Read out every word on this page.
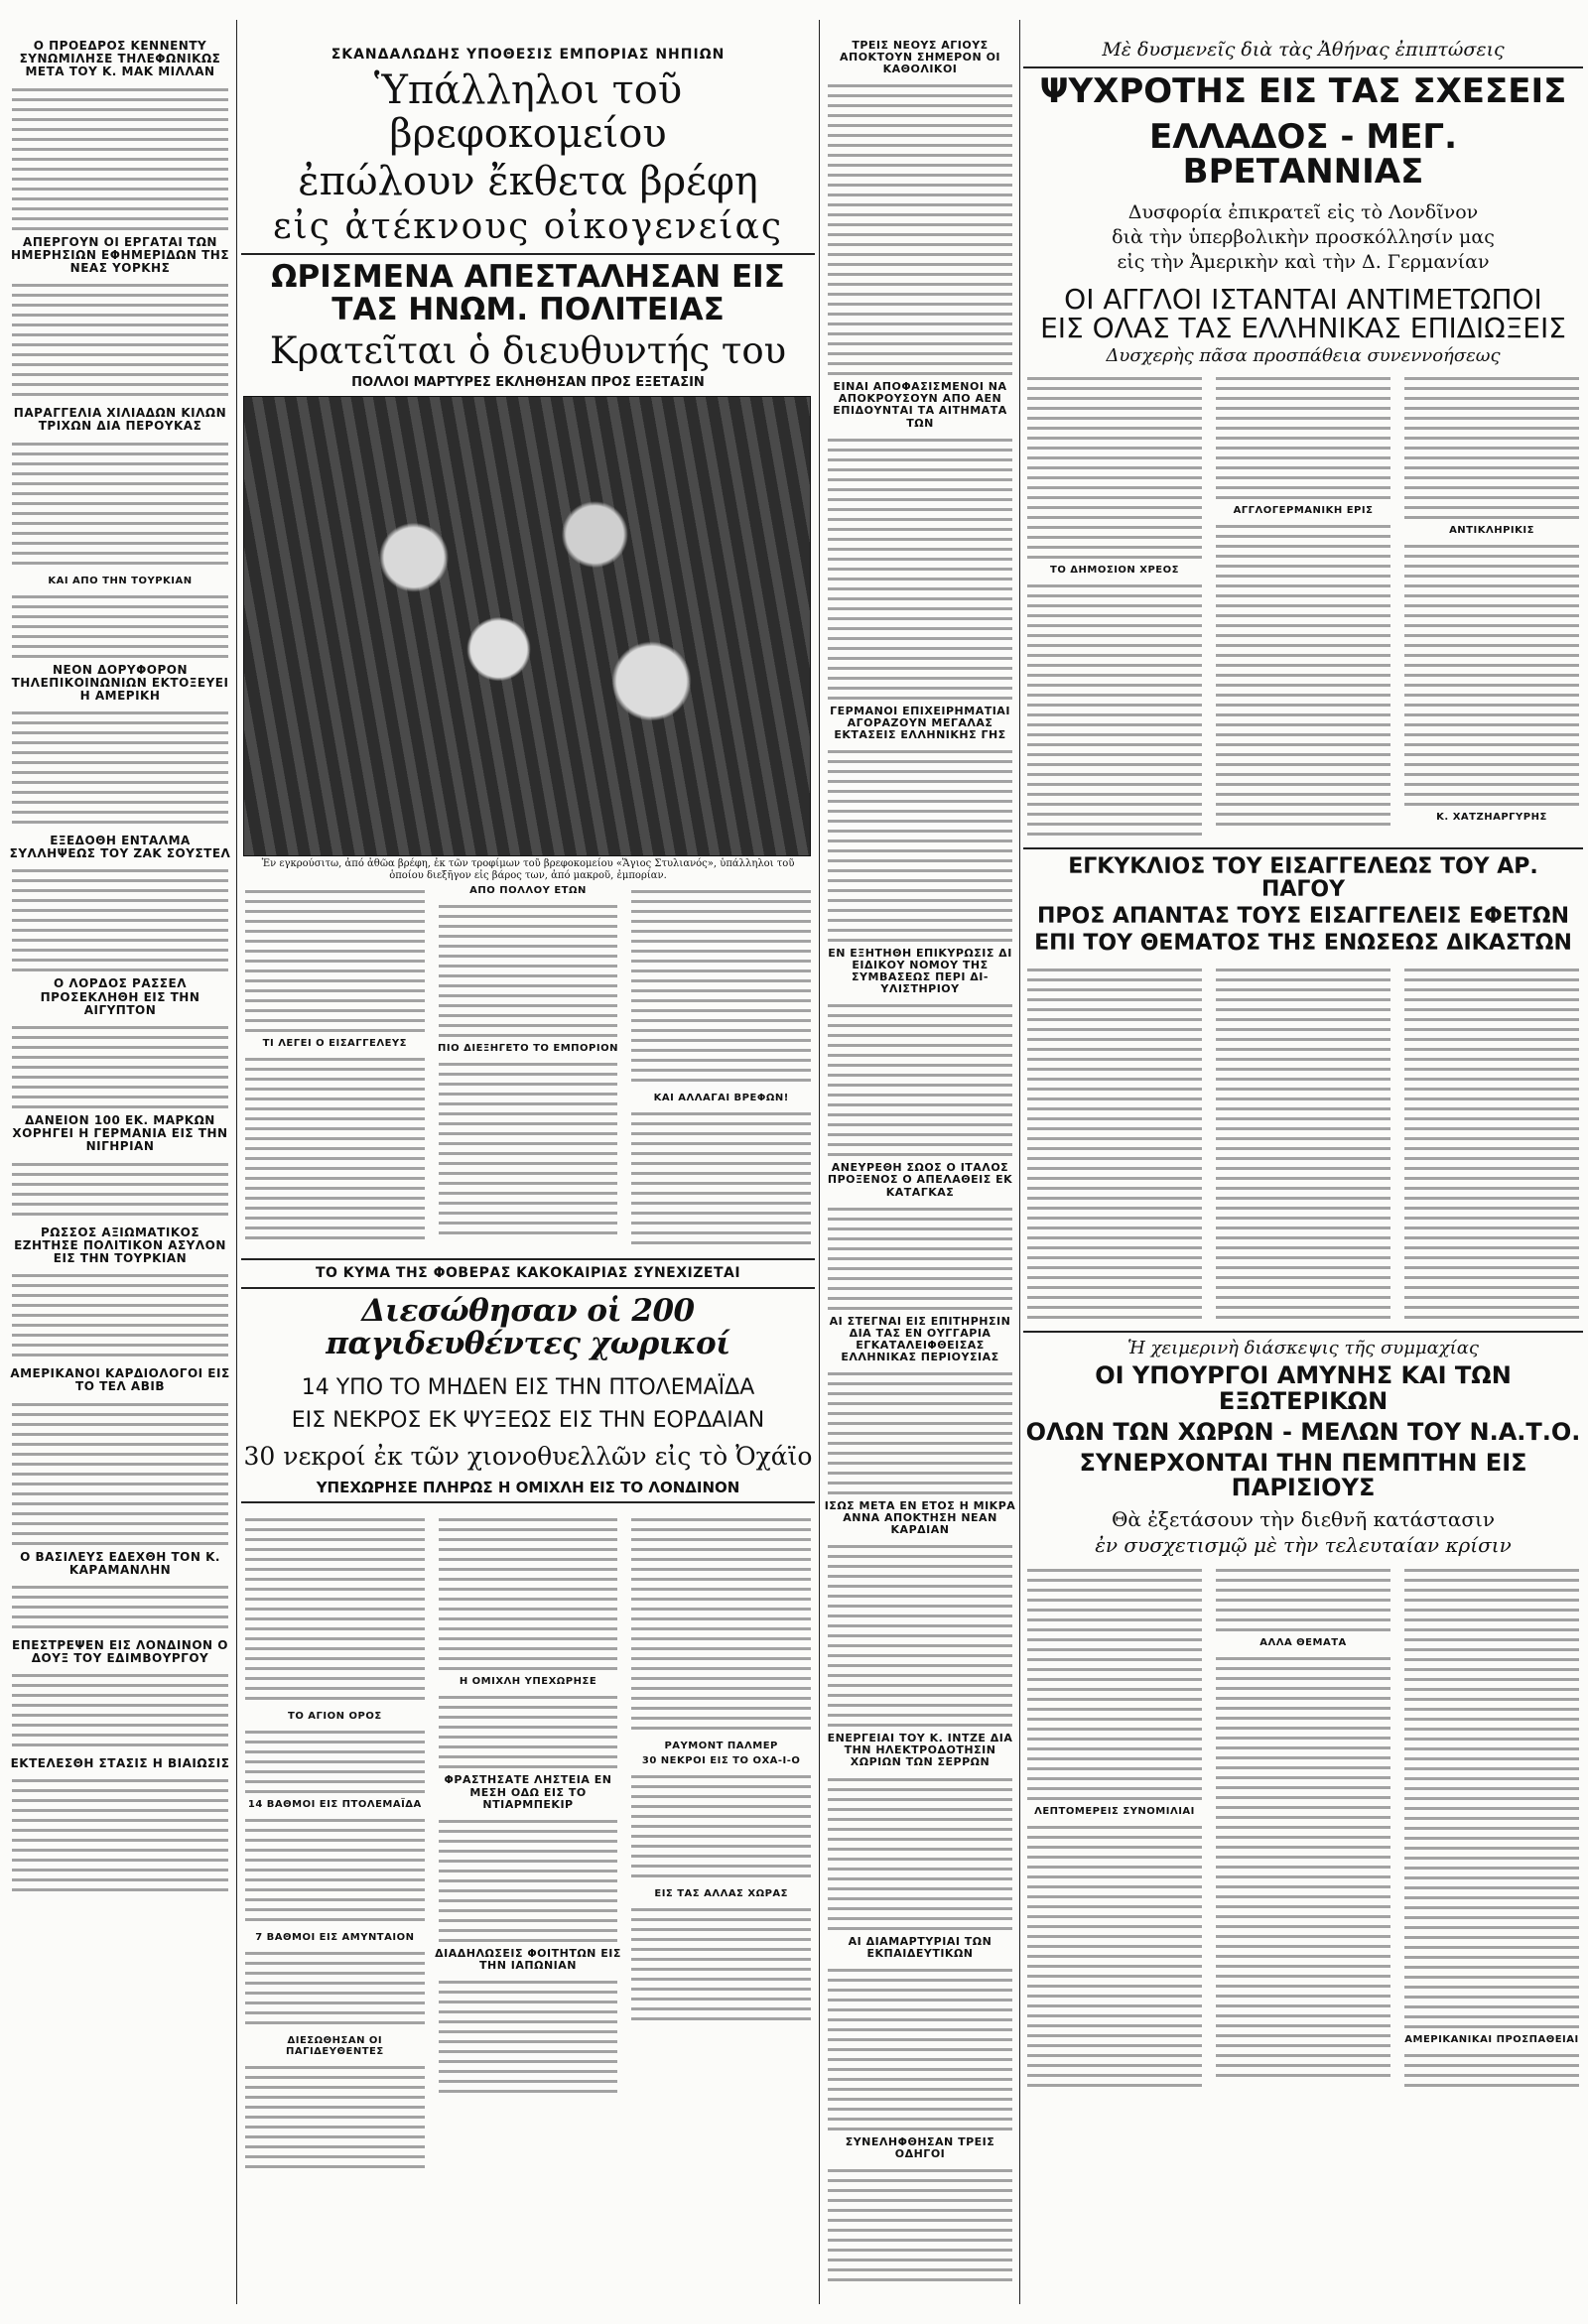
Ο ΠΡΟΕΔΡΟΣ ΚΕΝΝΕΝΤΥ ΣΥΝΩΜΙΛΗΣΕ ΤΗΛΕΦΩΝΙΚΩΣ ΜΕΤΑ ΤΟΥ Κ. ΜΑΚ ΜΙΛΛΑΝ
ΑΠΕΡΓΟΥΝ ΟΙ ΕΡΓΑΤΑΙ ΤΩΝ ΗΜΕΡΗΣΙΩΝ ΕΦΗΜΕΡΙΔΩΝ ΤΗΣ ΝΕΑΣ ΥΟΡΚΗΣ
ΠΑΡΑΓΓΕΛΙΑ ΧΙΛΙΑΔΩΝ ΚΙΛΩΝ ΤΡΙΧΩΝ ΔΙΑ ΠΕΡΟΥΚΑΣ
ΚΑΙ ΑΠΟ ΤΗΝ ΤΟΥΡΚΙΑΝ
ΝΕΟΝ ΔΟΡΥΦΟΡΟΝ ΤΗΛΕΠΙΚΟΙΝΩΝΙΩΝ ΕΚΤΟΞΕΥΕΙ Η ΑΜΕΡΙΚΗ
ΕΞΕΔΟΘΗ ΕΝΤΑΛΜΑ ΣΥΛΛΗΨΕΩΣ ΤΟΥ ΖΑΚ ΣΟΥΣΤΕΛ
Ο ΛΟΡΔΟΣ ΡΑΣΣΕΛ ΠΡΟΣΕΚΛΗΘΗ ΕΙΣ ΤΗΝ ΑΙΓΥΠΤΟΝ
ΔΑΝΕΙΟΝ 100 ΕΚ. ΜΑΡΚΩΝ ΧΟΡΗΓΕΙ Η ΓΕΡΜΑΝΙΑ ΕΙΣ ΤΗΝ ΝΙΓΗΡΙΑΝ
ΡΩΣΣΟΣ ΑΞΙΩΜΑΤΙΚΟΣ ΕΖΗΤΗΣΕ ΠΟΛΙΤΙΚΟΝ ΑΣΥΛΟΝ ΕΙΣ ΤΗΝ ΤΟΥΡΚΙΑΝ
ΑΜΕΡΙΚΑΝΟΙ ΚΑΡΔΙΟΛΟΓΟΙ ΕΙΣ ΤΟ ΤΕΛ ΑΒΙΒ
Ο ΒΑΣΙΛΕΥΣ ΕΔΕΧΘΗ ΤΟΝ Κ. ΚΑΡΑΜΑΝΛΗΝ
ΕΠΕΣΤΡΕΨΕΝ ΕΙΣ ΛΟΝΔΙΝΟΝ Ο ΔΟΥΞ ΤΟΥ ΕΔΙΜΒΟΥΡΓΟΥ
ΕΚΤΕΛΕΣΘΗ ΣΤΑΣΙΣ Η ΒΙΑΙΩΣΙΣ
ΣΚΑΝΔΑΛΩΔΗΣ ΥΠΟΘΕΣΙΣ ΕΜΠΟΡΙΑΣ ΝΗΠΙΩΝ
Ὑπάλληλοι τοῦ βρεφοκομείου
ἐπώλουν ἔκθετα βρέφη
εἰς ἀτέκνους οἰκογενείας
ΩΡΙΣΜΕΝΑ ΑΠΕΣΤΑΛΗΣΑΝ ΕΙΣ ΤΑΣ ΗΝΩΜ. ΠΟΛΙΤΕΙΑΣ
Κρατεῖται ὁ διευθυντής του
ΠΟΛΛΟΙ ΜΑΡΤΥΡΕΣ ΕΚΛΗΘΗΣΑΝ ΠΡΟΣ ΕΞΕΤΑΣΙΝ
Ἐν εγκρούσιτω, ἀπό ἀθῶα βρέφη, ἐκ τῶν τροφίμων τοῦ βρεφοκομείου «Ἅγιος Στυλιανός», ὑπάλληλοι τοῦ ὁποίου διεξῆγον εἰς βάρος των, ἀπό μακροῦ, ἐμπορίαν.
ΤΙ ΛΕΓΕΙ Ο ΕΙΣΑΓΓΕΛΕΥΣ
ΑΠΟ ΠΟΛΛΟΥ ΕΤΩΝ
ΠΙΟ ΔΙΕΞΗΓΕΤΟ ΤΟ ΕΜΠΟΡΙΟΝ
ΚΑΙ ΑΛΛΑΓΑΙ ΒΡΕΦΩΝ!
ΤΟ ΚΥΜΑ ΤΗΣ ΦΟΒΕΡΑΣ ΚΑΚΟΚΑΙΡΙΑΣ ΣΥΝΕΧΙΖΕΤΑΙ
Διεσώθησαν οἱ 200 παγιδευθέντες χωρικοί
14 ΥΠΟ ΤΟ ΜΗΔΕΝ ΕΙΣ ΤΗΝ ΠΤΟΛΕΜΑΪΔΑ
ΕΙΣ ΝΕΚΡΟΣ ΕΚ ΨΥΞΕΩΣ ΕΙΣ ΤΗΝ ΕΟΡΔΑΙΑΝ
30 νεκροί ἐκ τῶν χιονοθυελλῶν εἰς τὸ Ὀχάϊο
ΥΠΕΧΩΡΗΣΕ ΠΛΗΡΩΣ Η ΟΜΙΧΛΗ ΕΙΣ ΤΟ ΛΟΝΔΙΝΟΝ
ΤΟ ΑΓΙΟΝ ΟΡΟΣ
14 ΒΑΘΜΟΙ ΕΙΣ ΠΤΟΛΕΜΑΪΔΑ
7 ΒΑΘΜΟΙ ΕΙΣ ΑΜΥΝΤΑΙΟΝ
ΔΙΕΣΩΘΗΣΑΝ ΟΙ ΠΑΓΙΔΕΥΘΕΝΤΕΣ
Η ΟΜΙΧΛΗ ΥΠΕΧΩΡΗΣΕ
ΦΡΑΣΤΗΣΑΤΕ ΛΗΣΤΕΙΑ ΕΝ ΜΕΣΗ ΟΔΩ ΕΙΣ ΤΟ ΝΤΙΑΡΜΠΕΚΙΡ
ΔΙΑΔΗΛΩΣΕΙΣ ΦΟΙΤΗΤΩΝ ΕΙΣ ΤΗΝ ΙΑΠΩΝΙΑΝ
ΡΑΥΜΟΝΤ ΠΑΛΜΕΡ
30 ΝΕΚΡΟΙ ΕΙΣ ΤΟ ΟΧΑ-Ι-Ο
ΕΙΣ ΤΑΣ ΑΛΛΑΣ ΧΩΡΑΣ
ΤΡΕΙΣ ΝΕΟΥΣ ΑΓΙΟΥΣ ΑΠΟΚΤΟΥΝ ΣΗΜΕΡΟΝ ΟΙ ΚΑΘΟΛΙΚΟΙ
ΕΙΝΑΙ ΑΠΟΦΑΣΙΣΜΕΝΟΙ ΝΑ ΑΠΟΚΡΟΥΣΟΥΝ ΑΠΟ ΑΕΝ ΕΠΙΔΟΥΝΤΑΙ ΤΑ ΑΙΤΗΜΑΤΑ ΤΩΝ
ΓΕΡΜΑΝΟΙ ΕΠΙΧΕΙΡΗΜΑΤΙΑΙ ΑΓΟΡΑΖΟΥΝ ΜΕΓΑΛΑΣ ΕΚΤΑΣΕΙΣ ΕΛΛΗΝΙΚΗΣ ΓΗΣ
ΕΝ ΕΞΗΤΗΘΗ ΕΠΙΚΥΡΩΣΙΣ ΔΙ ΕΙΔΙΚΟΥ ΝΟΜΟΥ ΤΗΣ ΣΥΜΒΑΣΕΩΣ ΠΕΡΙ ΔΙ-ΥΛΙΣΤΗΡΙΟΥ
ΑΝΕΥΡΕΘΗ ΣΩΟΣ Ο ΙΤΑΛΟΣ ΠΡΟΞΕΝΟΣ Ο ΑΠΕΛΑΘΕΙΣ ΕΚ ΚΑΤΑΓΚΑΣ
ΑΙ ΣΤΕΓΝΑΙ ΕΙΣ ΕΠΙΤΗΡΗΣΙΝ ΔΙΑ ΤΑΣ ΕΝ ΟΥΓΓΑΡΙΑ ΕΓΚΑΤΑΛΕΙΦΘΕΙΣΑΣ ΕΛΛΗΝΙΚΑΣ ΠΕΡΙΟΥΣΙΑΣ
ΙΣΩΣ ΜΕΤΑ ΕΝ ΕΤΟΣ Η ΜΙΚΡΑ ΑΝΝΑ ΑΠΟΚΤΗΣΗ ΝΕΑΝ ΚΑΡΔΙΑΝ
ΕΝΕΡΓΕΙΑΙ ΤΟΥ Κ. ΙΝΤΖΕ ΔΙΑ ΤΗΝ ΗΛΕΚΤΡΟΔΟΤΗΣΙΝ ΧΩΡΙΩΝ ΤΩΝ ΣΕΡΡΩΝ
ΑΙ ΔΙΑΜΑΡΤΥΡΙΑΙ ΤΩΝ ΕΚΠΑΙΔΕΥΤΙΚΩΝ
ΣΥΝΕΛΗΦΘΗΣΑΝ ΤΡΕΙΣ ΟΔΗΓΟΙ
Μὲ δυσμενεῖς διὰ τὰς Ἀθήνας ἐπιπτώσεις
ΨΥΧΡΟΤΗΣ ΕΙΣ ΤΑΣ ΣΧΕΣΕΙΣ
ΕΛΛΑΔΟΣ - ΜΕΓ. ΒΡΕΤΑΝΝΙΑΣ
Δυσφορία ἐπικρατεῖ εἰς τὸ Λονδῖνον
διὰ τὴν ὑπερβολικὴν προσκόλλησίν μας
εἰς τὴν Ἀμερικὴν καὶ τὴν Δ. Γερμανίαν
ΟΙ ΑΓΓΛΟΙ ΙΣΤΑΝΤΑΙ ΑΝΤΙΜΕΤΩΠΟΙ
ΕΙΣ ΟΛΑΣ ΤΑΣ ΕΛΛΗΝΙΚΑΣ ΕΠΙΔΙΩΞΕΙΣ
Δυσχερὴς πᾶσα προσπάθεια συνεννοήσεως
ΤΟ ΔΗΜΟΣΙΟΝ ΧΡΕΟΣ
ΑΓΓΛΟΓΕΡΜΑΝΙΚΗ ΕΡΙΣ
ΑΝΤΙΚΛΗΡΙΚΙΣ
Κ. ΧΑΤΖΗΑΡΓΥΡΗΣ
ΕΓΚΥΚΛΙΟΣ ΤΟΥ ΕΙΣΑΓΓΕΛΕΩΣ ΤΟΥ ΑΡ. ΠΑΓΟΥ
ΠΡΟΣ ΑΠΑΝΤΑΣ ΤΟΥΣ ΕΙΣΑΓΓΕΛΕΙΣ ΕΦΕΤΩΝ
ΕΠΙ ΤΟΥ ΘΕΜΑΤΟΣ ΤΗΣ ΕΝΩΣΕΩΣ ΔΙΚΑΣΤΩΝ
Ἡ χειμερινὴ διάσκεψις τῆς συμμαχίας
ΟΙ ΥΠΟΥΡΓΟΙ ΑΜΥΝΗΣ ΚΑΙ ΤΩΝ ΕΞΩΤΕΡΙΚΩΝ
ΟΛΩΝ ΤΩΝ ΧΩΡΩΝ - ΜΕΛΩΝ ΤΟΥ Ν.Α.Τ.Ο.
ΣΥΝΕΡΧΟΝΤΑΙ ΤΗΝ ΠΕΜΠΤΗΝ ΕΙΣ ΠΑΡΙΣΙΟΥΣ
Θὰ ἐξετάσουν τὴν διεθνῆ κατάστασιν
ἐν συσχετισμῷ μὲ τὴν τελευταίαν κρίσιν
ΛΕΠΤΟΜΕΡΕΙΣ ΣΥΝΟΜΙΛΙΑΙ
ΑΛΛΑ ΘΕΜΑΤΑ
ΑΜΕΡΙΚΑΝΙΚΑΙ ΠΡΟΣΠΑΘΕΙΑΙ
